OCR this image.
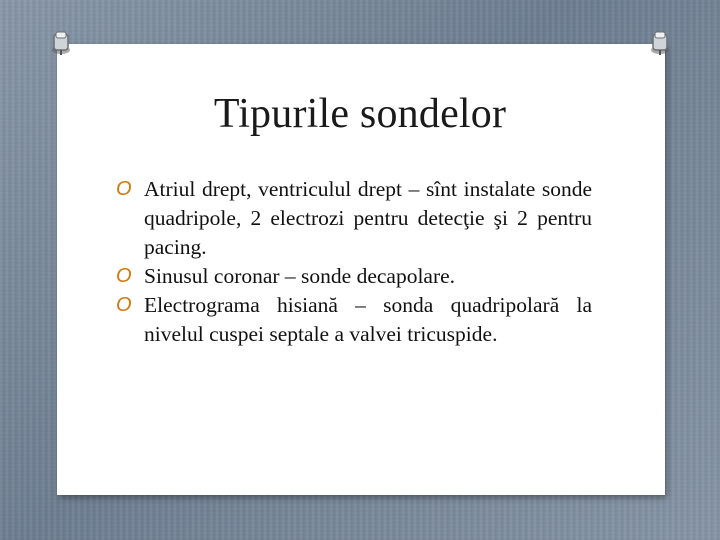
Tipurile sondelor
O Atriul drept, ventriculul drept – sînt instalate sonde quadripole, 2 electrozi pentru detecţie şi 2 pentru pacing.
O Sinusul coronar – sonde decapolare.
O Electrograma hisiană – sonda quadripolară la nivelul cuspei septale a valvei tricuspide.
